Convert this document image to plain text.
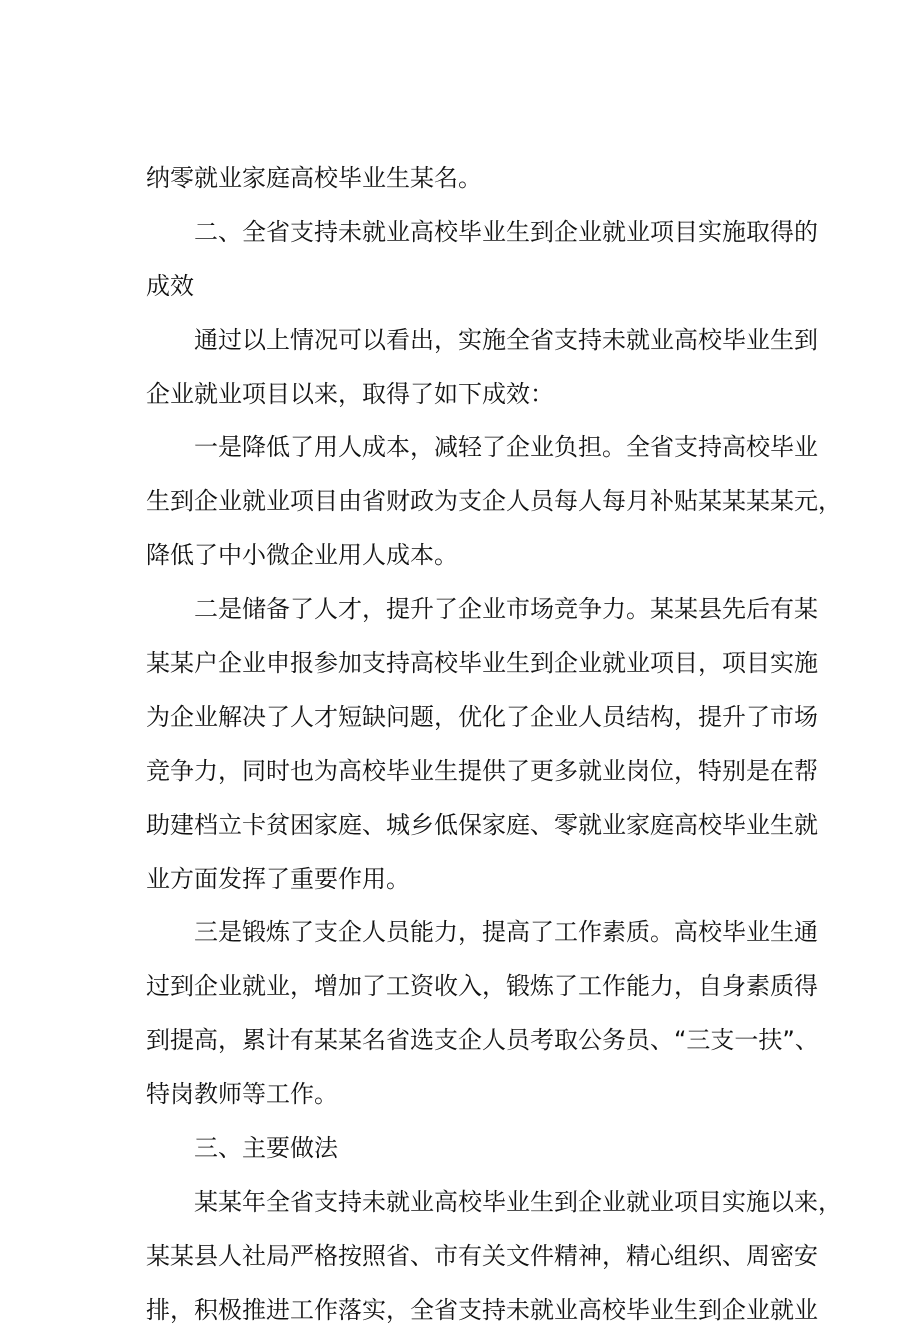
纳零就业家庭高校毕业生某名。
二、全省支持未就业高校毕业生到企业就业项目实施取得的
成效
通过以上情况可以看出，实施全省支持未就业高校毕业生到
企业就业项目以来，取得了如下成效：
一是降低了用人成本，减轻了企业负担。全省支持高校毕业
生到企业就业项目由省财政为支企人员每人每月补贴某某某某元，
降低了中小微企业用人成本。
二是储备了人才，提升了企业市场竞争力。某某县先后有某
某某户企业申报参加支持高校毕业生到企业就业项目，项目实施
为企业解决了人才短缺问题，优化了企业人员结构，提升了市场
竞争力，同时也为高校毕业生提供了更多就业岗位，特别是在帮
助建档立卡贫困家庭、城乡低保家庭、零就业家庭高校毕业生就
业方面发挥了重要作用。
三是锻炼了支企人员能力，提高了工作素质。高校毕业生通
过到企业就业，增加了工资收入，锻炼了工作能力，自身素质得
到提高，累计有某某名省选支企人员考取公务员、“三支一扶”、
特岗教师等工作。
三、主要做法
某某年全省支持未就业高校毕业生到企业就业项目实施以来，
某某县人社局严格按照省、市有关文件精神，精心组织、周密安
排，积极推进工作落实，全省支持未就业高校毕业生到企业就业
